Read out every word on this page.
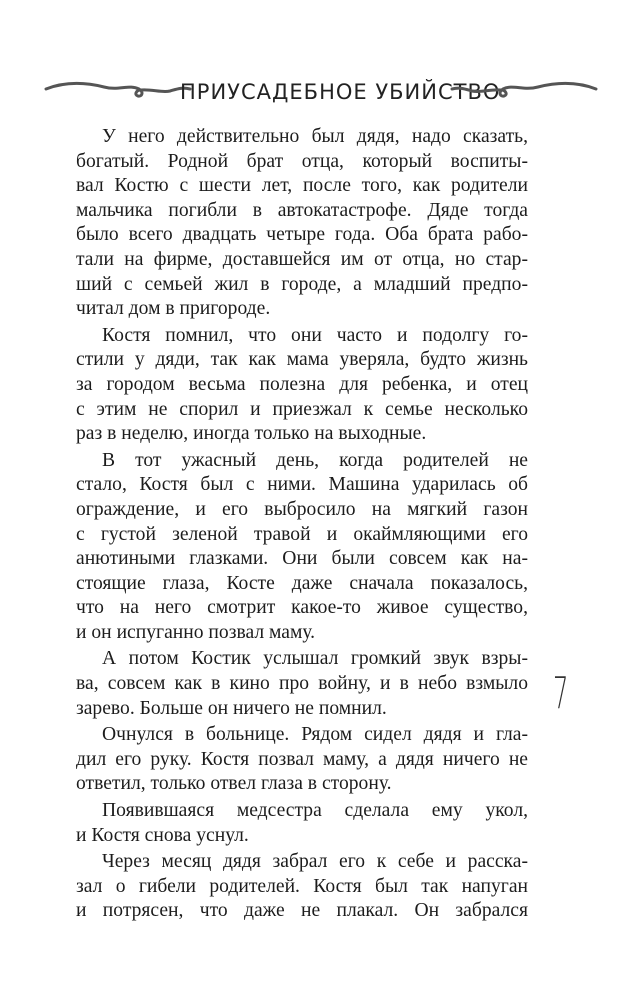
ПРИУСАДЕБНОЕ УБИЙСТВО

У него действительно был дядя, надо сказать,
богатый. Родной брат отца, который воспиты-
вал Костю с шести лет, после того, как родители
мальчика погибли в автокатастрофе. Дяде тогда
было всего двадцать четыре года. Оба брата рабо-
тали на фирме, доставшейся им от отца, но стар-
ший с семьей жил в городе, а младший предпо-
читал дом в пригороде.

Костя помнил, что они часто и подолгу го-
стили у дяди, так как мама уверяла, будто жизнь
за городом весьма полезна для ребенка, и отец
с этим не спорил и приезжал к семье несколько
раз в неделю, иногда только на выходные.

В тот ужасный день, когда родителей не
стало, Костя был с ними. Машина ударилась об
ограждение, и его выбросило на мягкий газон
с густой зеленой травой и окаймляющими его
анютиными глазками. Они были совсем как на-
стоящие глаза, Косте даже сначала показалось,
что на него смотрит какое-то живое существо,
и он испуганно позвал маму.

А потом Костик услышал громкий звук взры-
ва, совсем как в кино про войну, и в небо взмыло
зарево. Больше он ничего не помнил.

Очнулся в больнице. Рядом сидел дядя и гла-
дил его руку. Костя позвал маму, а дядя ничего не
ответил, только отвел глаза в сторону.

Появившаяся медсестра сделала ему укол,
и Костя снова уснул.

Через месяц дядя забрал его к себе и расска-
зал о гибели родителей. Костя был так напуган
и потрясен, что даже не плакал. Он забрался

7
